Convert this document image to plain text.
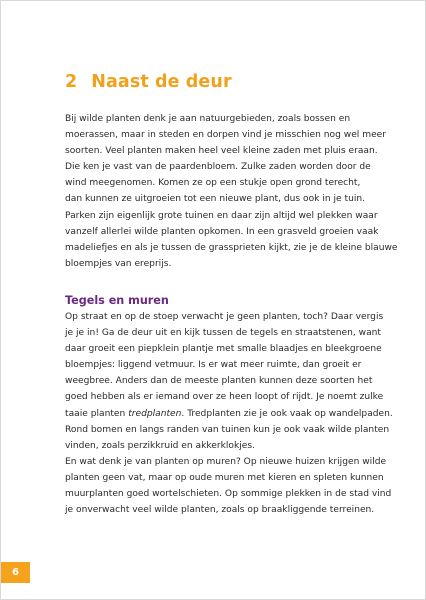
2 Naast de deur
Bij wilde planten denk je aan natuurgebieden, zoals bossen en
moerassen, maar in steden en dorpen vind je misschien nog wel meer
soorten. Veel planten maken heel veel kleine zaden met pluis eraan.
Die ken je vast van de paardenbloem. Zulke zaden worden door de
wind meegenomen. Komen ze op een stukje open grond terecht,
dan kunnen ze uitgroeien tot een nieuwe plant, dus ook in je tuin.
Parken zijn eigenlijk grote tuinen en daar zijn altijd wel plekken waar
vanzelf allerlei wilde planten opkomen. In een grasveld groeien vaak
madeliefjes en als je tussen de grassprieten kijkt, zie je de kleine blauwe
bloempjes van ereprijs.
Tegels en muren
Op straat en op de stoep verwacht je geen planten, toch? Daar vergis
je je in! Ga de deur uit en kijk tussen de tegels en straatstenen, want
daar groeit een piepklein plantje met smalle blaadjes en bleekgroene
bloempjes: liggend vetmuur. Is er wat meer ruimte, dan groeit er
weegbree. Anders dan de meeste planten kunnen deze soorten het
goed hebben als er iemand over ze heen loopt of rijdt. Je noemt zulke
taaie planten tredplanten. Tredplanten zie je ook vaak op wandelpaden.
Rond bomen en langs randen van tuinen kun je ook vaak wilde planten
vinden, zoals perzikkruid en akkerklokjes.
En wat denk je van planten op muren? Op nieuwe huizen krijgen wilde
planten geen vat, maar op oude muren met kieren en spleten kunnen
muurplanten goed wortelschieten. Op sommige plekken in de stad vind
je onverwacht veel wilde planten, zoals op braakliggende terreinen.
6
